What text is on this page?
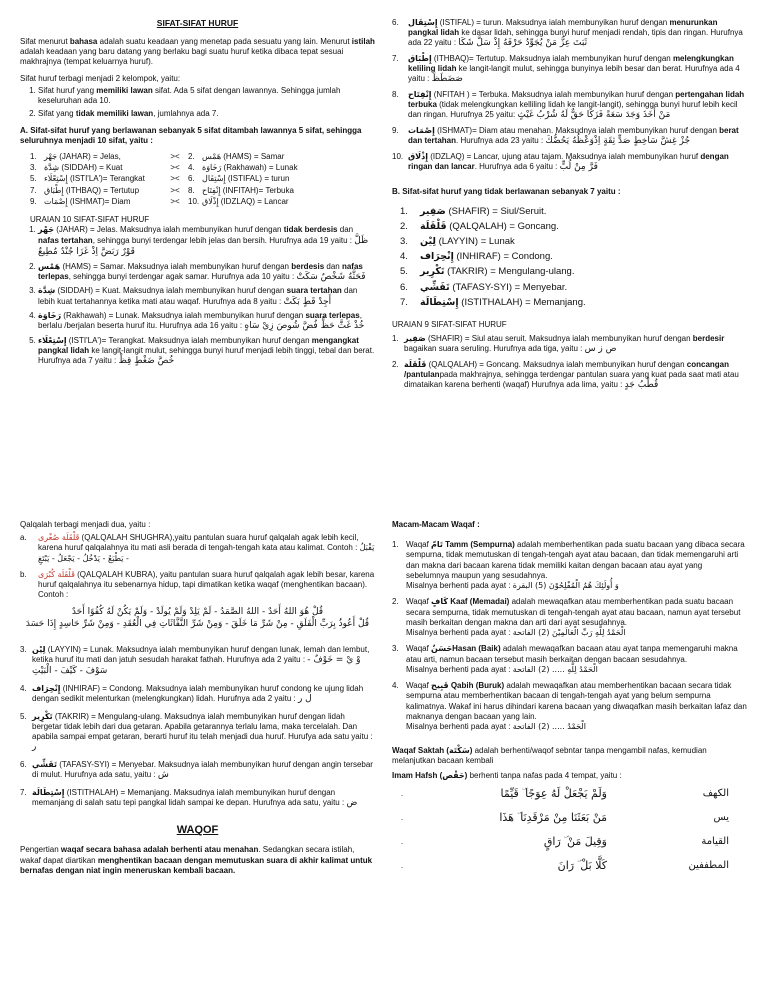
SIFAT-SIFAT HURUF

Sifat menurut bahasa adalah suatu keadaan yang menetap pada sesuatu yang lain. Menurut istilah adalah keadaan yang baru datang yang berlaku bagi suatu huruf ketika dibaca tepat sesuai makhrajnya (tempat keluarnya huruf).

Sifat huruf terbagi menjadi 2 kelompok, yaitu:

1. Sifat huruf yang memiliki lawan sifat. Ada 5 sifat dengan lawannya. Sehingga jumlah keseluruhan ada 10.
2. Sifat yang tidak memiliki lawan, jumlahnya ada 7.

A. Sifat-sifat huruf yang berlawanan sebanyak 5 sifat ditambah lawannya 5 sifat, sehingga seluruhnya menjadi 10 sifat, yaitu :

1. جَهْر (JAHAR) = Jelas,	><	2. هَمْس (HAMS) = Samar
3. شِدَّة (SIDDAH) = Kuat	><	4. رَخَاوَة (Rakhawah) = Lunak
5. إِسْتِعْلَاء (ISTI'LA')= Terangkat	><	6. إِسْتِفَال (ISTIFAL) = turun
7. إِطْبَاق (ITHBAQ) = Tertutup	><	8. إِنْفِتَاح (INFITAH)= Terbuka
9. إِصْمَات (ISHMAT)= Diam	><	10. إِذْلَاق (IDZLAQ) = Lancar
URAIAN 10 SIFAT-SIFAT HURUF
1. جَهْر (JAHAR) = Jelas. Maksudnya ialah membunyikan huruf dengan tidak berdesis dan nafas tertahan, sehingga bunyi terdengar lebih jelas dan bersih. Hurufnya ada 19 yaitu : ظَلَّ قَوْرٌ رَبَضَّ اِذْ غَزَا جُنْدٌ مُطِيعٌ
2. هَمْس (HAMS) = Samar. Maksudnya ialah membunyikan huruf dengan berdesis dan nafas terlepas, sehingga bunyi terdengar agak samar. Hurufnya ada 10 yaitu : فَحَثَّهُ شَخْصٌ سَكَتْ
3. شِدَّة (SIDDAH) = Kuat. Maksudnya ialah membunyikan huruf dengan suara tertahan dan lebih kuat tertahannya ketika mati atau waqaf. Hurufnya ada 8 yaitu : أَجِدْ قَطٍ بَكَتْ
4. رَخَاوَة (Rakhawah) = Lunak. Maksudnya ialah membunyikan huruf dengan suara terlepas, berlalu /berjalan beserta huruf itu. Hurufnya ada 16 yaitu : خُذْ غَثَّ حَظٍّ فُضَّ شُوصَ زِيْ سَاهٍ
5. إِسْتِعْلَاء (ISTI'LA')= Terangkat. Maksudnya ialah membunyikan huruf dengan mengangkat pangkal lidah ke langit-langit mulut, sehingga bunyi huruf menjadi lebih tinggi, tebal dan berat. Hurufnya ada 7 yaitu : خُصَّ ضَغْطٍ قِظْ
6.	إِسْتِفَال (ISTIFAL) = turun. Maksudnya ialah membunyikan huruf dengan menurunkan pangkal lidah ke dasar lidah, sehingga bunyi huruf menjadi rendah, tipis dan ringan. Hurufnya ada 22 yaitu : ثَبَتَ عِزُّ مَنْ يُجَوِّدُ حَرْفَهُ إِذْ سَلَّ شَكَا
7.	إِطْبَاق (ITHBAQ)= Tertutup. Maksudnya ialah membunyikan huruf dengan melengkungkan keliling lidah ke langit-langit mulut, sehingga bunyinya lebih besar dan berat. Hurufnya ada 4 yaitu : صَضَطَظَ
8.	إِنْفِتَاح (NFITAH ) = Terbuka. Maksudnya ialah membunyikan huruf dengan pertengahan lidah terbuka (tidak melengkungkan kelliling lidah ke langit-langit), sehingga bunyi huruf lebih kecil dan ringan. Hurufnya 25 yaitu: مَنْ أَخَذَ وَجَدَ سَعَةً فَزَكَا حَقٌّ لَهُ شُرْبُ غَيْثٍ
9.	إِصْمَات (ISHMAT)= Diam atau menahan. Maksudnya ialah membunyikan huruf dengan berat dan tertahan. Hurufnya ada 23 yaitu : جُزْ غِشَّ سَاخِطٍ صَدٍّ ثِقَةٍ اِذْوَعْظُهُ يَحُضُّكَ
10. إِذْلَاق (IDZLAQ) = Lancar, ujung atau tajam. Maksudnya ialah membunyikan huruf dengan ringan dan lancar. Hurufnya ada 6 yaitu : فَرَّ مِنْ لُبٍّ

B. Sifat-sifat huruf yang tidak berlawanan sebanyak 7 yaitu :

1.	صَفِير (SHAFIR) = Siul/Seruit.
2.	قَلْقَلَة (QALQALAH) = Goncang.
3.	لِيْن (LAYYIN) = Lunak
4.	إِنْحِرَاف (INHIRAF) = Condong.
5.	تَكْرِير (TAKRIR) = Mengulang-ulang.
6.	تَفَشِّي (TAFASY-SYI) = Menyebar.
7.	إِسْتِطَالَة (ISTITHALAH) = Memanjang.
URAIAN 9 SIFAT-SIFAT HURUF
1. صَفِير (SHAFIR) = Siul atau seruit. Maksudnya ialah membunyikan huruf dengan berdesir bagaikan suara seruling. Hurufnya ada tiga, yaitu : ص ز س
2. قَلْقَلَة (QALQALAH) = Goncang. Maksudnya ialah membunyikan huruf dengan concangan /pantulanpada makhrajnya, sehingga terdengar pantulan suara yang kuat pada saat mati atau dimataikan karena berhenti (waqaf) Hurufnya ada lima, yaitu : قُطْبُ جَدٍ

Qalqalah terbagi menjadi dua, yaitu :

a.	قَلْقَلَة صُغْرى (QALQALAH SHUGHRA),yaitu pantulan suara huruf qalqalah agak lebih kecil, karena huruf qalqalahnya itu mati asli berada di tengah-tengah kata atau kalimat. Contoh : يَقْبَلُ - يَطْبَعُ - يَدْخُلُ - يَجْعَلُ - يَبْتَغِ
b.	قَلْقَلَة كُبْرَى (QALQALAH KUBRA), yaitu pantulan suara huruf qalqalah agak lebih besar, karena huruf qalqalahnya itu sebenarnya hidup, tapi dimatikan ketika waqaf (menghentikan bacaan). Contoh :
قُلْ هُوَ اللهُ أَحَدٌ - اللهُ الصَّمَدُ - لَمْ يَلِدْ وَلَمْ يُولَدْ - وَلَمْ يَكُنْ لَهُ كُفُوًا أَحَدٌ
قُلْ أَعُوذُ بِرَبِّ الْفَلَقِ - مِنْ شَرِّ مَا خَلَقَ - وَمِنْ شَرِّ النَّفَّاثَاتِ فِي الْعُقَدِ - وَمِنْ شَرِّ حَاسِدٍ إِذَا حَسَدَ
3. لِيْن (LAYYIN) = Lunak. Maksudnya ialah membunyikan huruf dengan lunak, lemah dan lembut, ketika huruf itu mati dan jatuh sesudah harakat fathah. Hurufnya ada 2 yaitu : وْ يْ = خَوْفٌ - سَوْفَ - كَيْفَ - الْبَيْتِ
4. إِنْحِرَاف (INHIRAF) = Condong. Maksudnya ialah membunyikan huruf condong ke ujung lidah dengan sedikit melenturkan (melengkungkan) lidah. Hurufnya ada 2 yaitu : ل ر
5. تَكْرِير (TAKRIR) = Mengulang-ulang. Maksudnya ialah membunyikan huruf dengan lidah bergetar tidak lebih dari dua getaran. Apabila getarannya terlalu lama, maka tercelalah. Dan apabila sampai empat getaran, berarti huruf itu telah menjadi dua huruf. Hurufya ada satu yaitu : ر
6. تَفَشِّي (TAFASY-SYI) = Menyebar. Maksudnya ialah membunyikan huruf dengan angin tersebar di mulut. Hurufnya ada satu, yaitu : ش
7. إِسْتِطَالَة (ISTITHALAH) = Memanjang. Maksudnya ialah membunyikan huruf dengan memanjang di salah satu tepi pangkal lidah sampai ke depan. Hurufnya ada satu, yaitu : ض
WAQOF

Pengertian waqaf secara bahasa adalah berhenti atau menahan. Sedangkan secara istilah, wakaf dapat diartikan menghentikan bacaan dengan memutuskan suara di akhir kalimat untuk bernafas dengan niat ingin meneruskan kembali bacaan.

Macam-Macam Waqaf :

1. Waqaf تَامّ Tamm (Sempurna) adalah memberhentikan pada suatu bacaan yang dibaca secara sempurna, tidak memutuskan di tengah-tengah ayat atau bacaan, dan tidak memengaruhi arti dan makna dari bacaan karena tidak memiliki kaitan dengan bacaan atau ayat yang sebelumnya maupun yang sesudahnya.
Misalnya berhenti pada ayat : وَ أُولَئِكَ هُمُ الْمُفْلِحُوْنَ (5) البقرة
2. Waqaf كَافٍ Kaaf (Memadai) adalah mewaqafkan atau memberhentikan pada suatu bacaan secara sempurna, tidak memutuskan di tengah-tengah ayat atau bacaan, namun ayat tersebut masih berkaitan dengan makna dan arti dari ayat sesudahnya.
Misalnya berhenti pada ayat : الْحَمْدُ لِلَّهِ رَبِّ الْعَالَمِيْنَ (2) الفاتحة
3. Waqaf حَسَنٌHasan (Baik) adalah mewaqafkan bacaan atau ayat tanpa memengaruhi makna atau arti, namun bacaan tersebut masih berkaitan dengan bacaan sesudahnya.
Misalnya berhenti pada ayat : الْحَمْدُ لِلَّهِ ..... (2) الفاتحة
4. Waqaf قَبِيح Qabih (Buruk) adalah mewaqafkan atau memberhentikan bacaan secara tidak sempurna atau memberhentikan bacaan di tengah-tengah ayat yang belum sempurna kalimatnya. Wakaf ini harus dihindari karena bacaan yang diwaqafkan masih berkaitan lafaz dan maknanya dengan bacaan yang lain.
Misalnya berhenti pada ayat : الْحَمْدُ ..... (2) الفاتحة

Waqaf Saktah (سَكْتَة) adalah berhenti/waqof sebntar tanpa mengambil nafas, kemudian melanjutkan bacaan kembali

Imam Hafsh (حَفْص) berhenti tanpa nafas pada 4 tempat, yaitu :

.	وَلَمْ يَجْعَلْ لَهُ عِوَجًا ۜ قَيِّمًا	الكهف
.	مَنْ بَعَثَنَا مِنْ مَرْقَدِنَا ۜ هَذَا	يس
.	وَقِيلَ مَنْ ۜ رَاقٍ	القيامة
.	كَلَّا بَلْ ۜ رَانَ	المطففين
